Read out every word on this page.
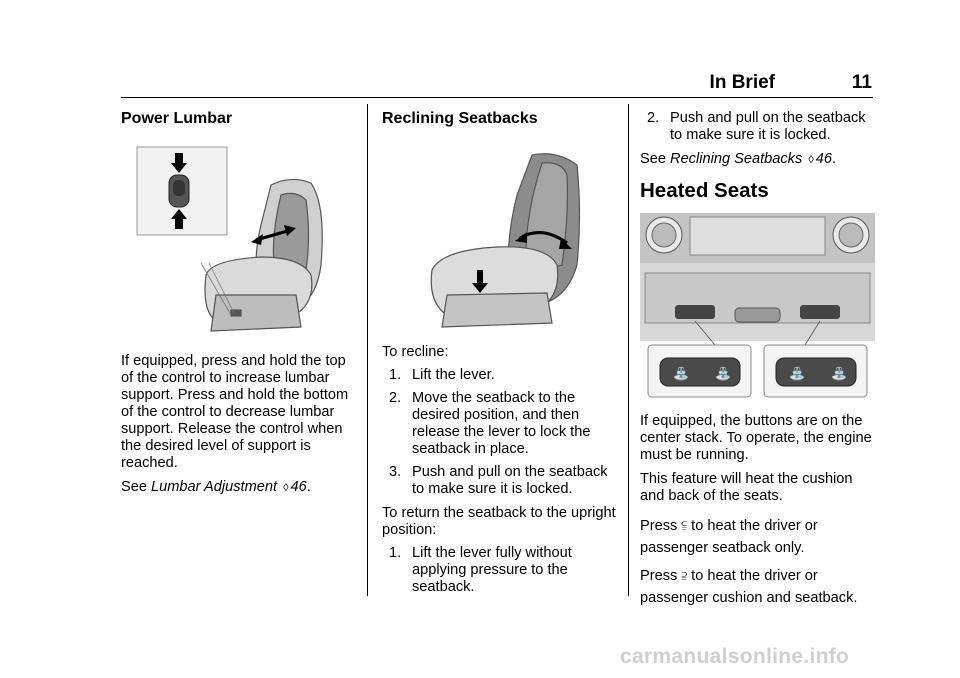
In Brief	11
Power Lumbar

If equipped, press and hold the top
of the control to increase lumbar
support. Press and hold the bottom
of the control to decrease lumbar
support. Release the control when
the desired level of support is
reached.

See Lumbar Adjustment ◊ 46.

Reclining Seatbacks

To recline:

1. Lift the lever.
2. Move the seatback to the
desired position, and then
release the lever to lock the
seatback in place.
3. Push and pull on the seatback
to make sure it is locked.

To return the seatback to the upright
position:

1. Lift the lever fully without
applying pressure to the
seatback.
2. Push and pull on the seatback
to make sure it is locked.

See Reclining Seatbacks ◊ 46.

Heated Seats
⛲ ⛲	⛲ ⛲

If equipped, the buttons are on the
center stack. To operate, the engine
must be running.

This feature will heat the cushion
and back of the seats.

Press ⫅ to heat the driver or
passenger seatback only.

Press ⫆ to heat the driver or
passenger cushion and seatback.

carmanualsonline.info
